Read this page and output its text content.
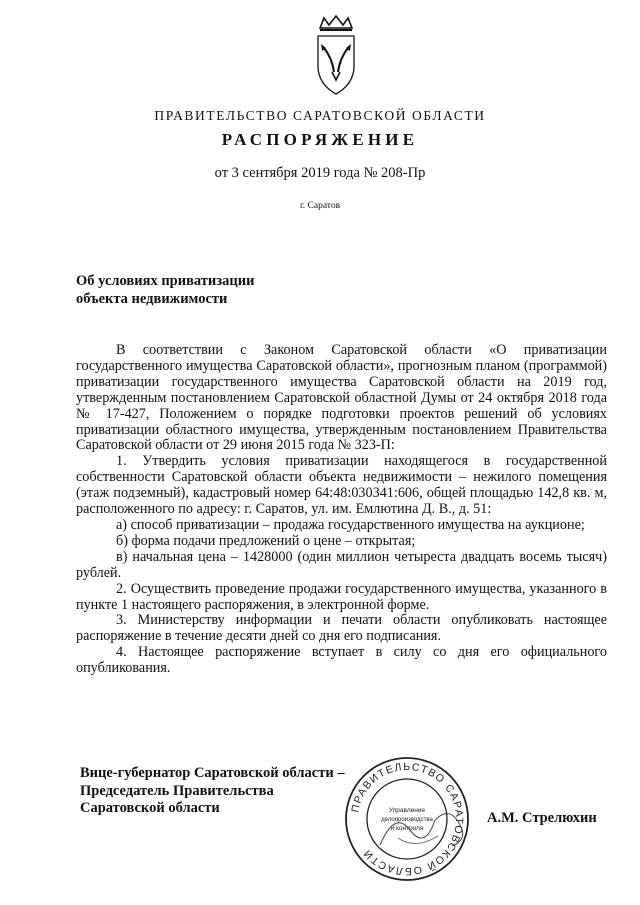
ПРАВИТЕЛЬСТВО САРАТОВСКОЙ ОБЛАСТИ
РАСПОРЯЖЕНИЕ
от 3 сентября 2019 года № 208-Пр
г. Саратов
Об условиях приватизации
объекта недвижимости

В соответствии с Законом Саратовской области «О приватизации государственного имущества Саратовской области», прогнозным планом (программой) приватизации государственного имущества Саратовской области на 2019 год, утвержденным постановлением Саратовской областной Думы от 24 октября 2018 года № 17-427, Положением о порядке подготовки проектов решений об условиях приватизации областного имущества, утвержденным постановлением Правительства Саратовской области от 29 июня 2015 года № 323-П:

1. Утвердить условия приватизации находящегося в государственной собственности Саратовской области объекта недвижимости – нежилого помещения (этаж подземный), кадастровый номер 64:48:030341:606, общей площадью 142,8 кв. м, расположенного по адресу: г. Саратов, ул. им. Емлютина Д. В., д. 51:

а) способ приватизации – продажа государственного имущества на аукционе;

б) форма подачи предложений о цене – открытая;

в) начальная цена – 1428000 (один миллион четыреста двадцать восемь тысяч) рублей.

2. Осуществить проведение продажи государственного имущества, указанного в пункте 1 настоящего распоряжения, в электронной форме.

3. Министерству информации и печати области опубликовать настоящее распоряжение в течение десяти дней со дня его подписания.

4. Настоящее распоряжение вступает в силу со дня его официального опубликования.

Вице-губернатор Саратовской области –
Председатель Правительства
Саратовской области	ПРАВИТЕЛЬСТВО САРАТОВСКОЙ ОБЛАСТИ
Управление
делопроизводства
и контроля
А.М. Стрелюхин
